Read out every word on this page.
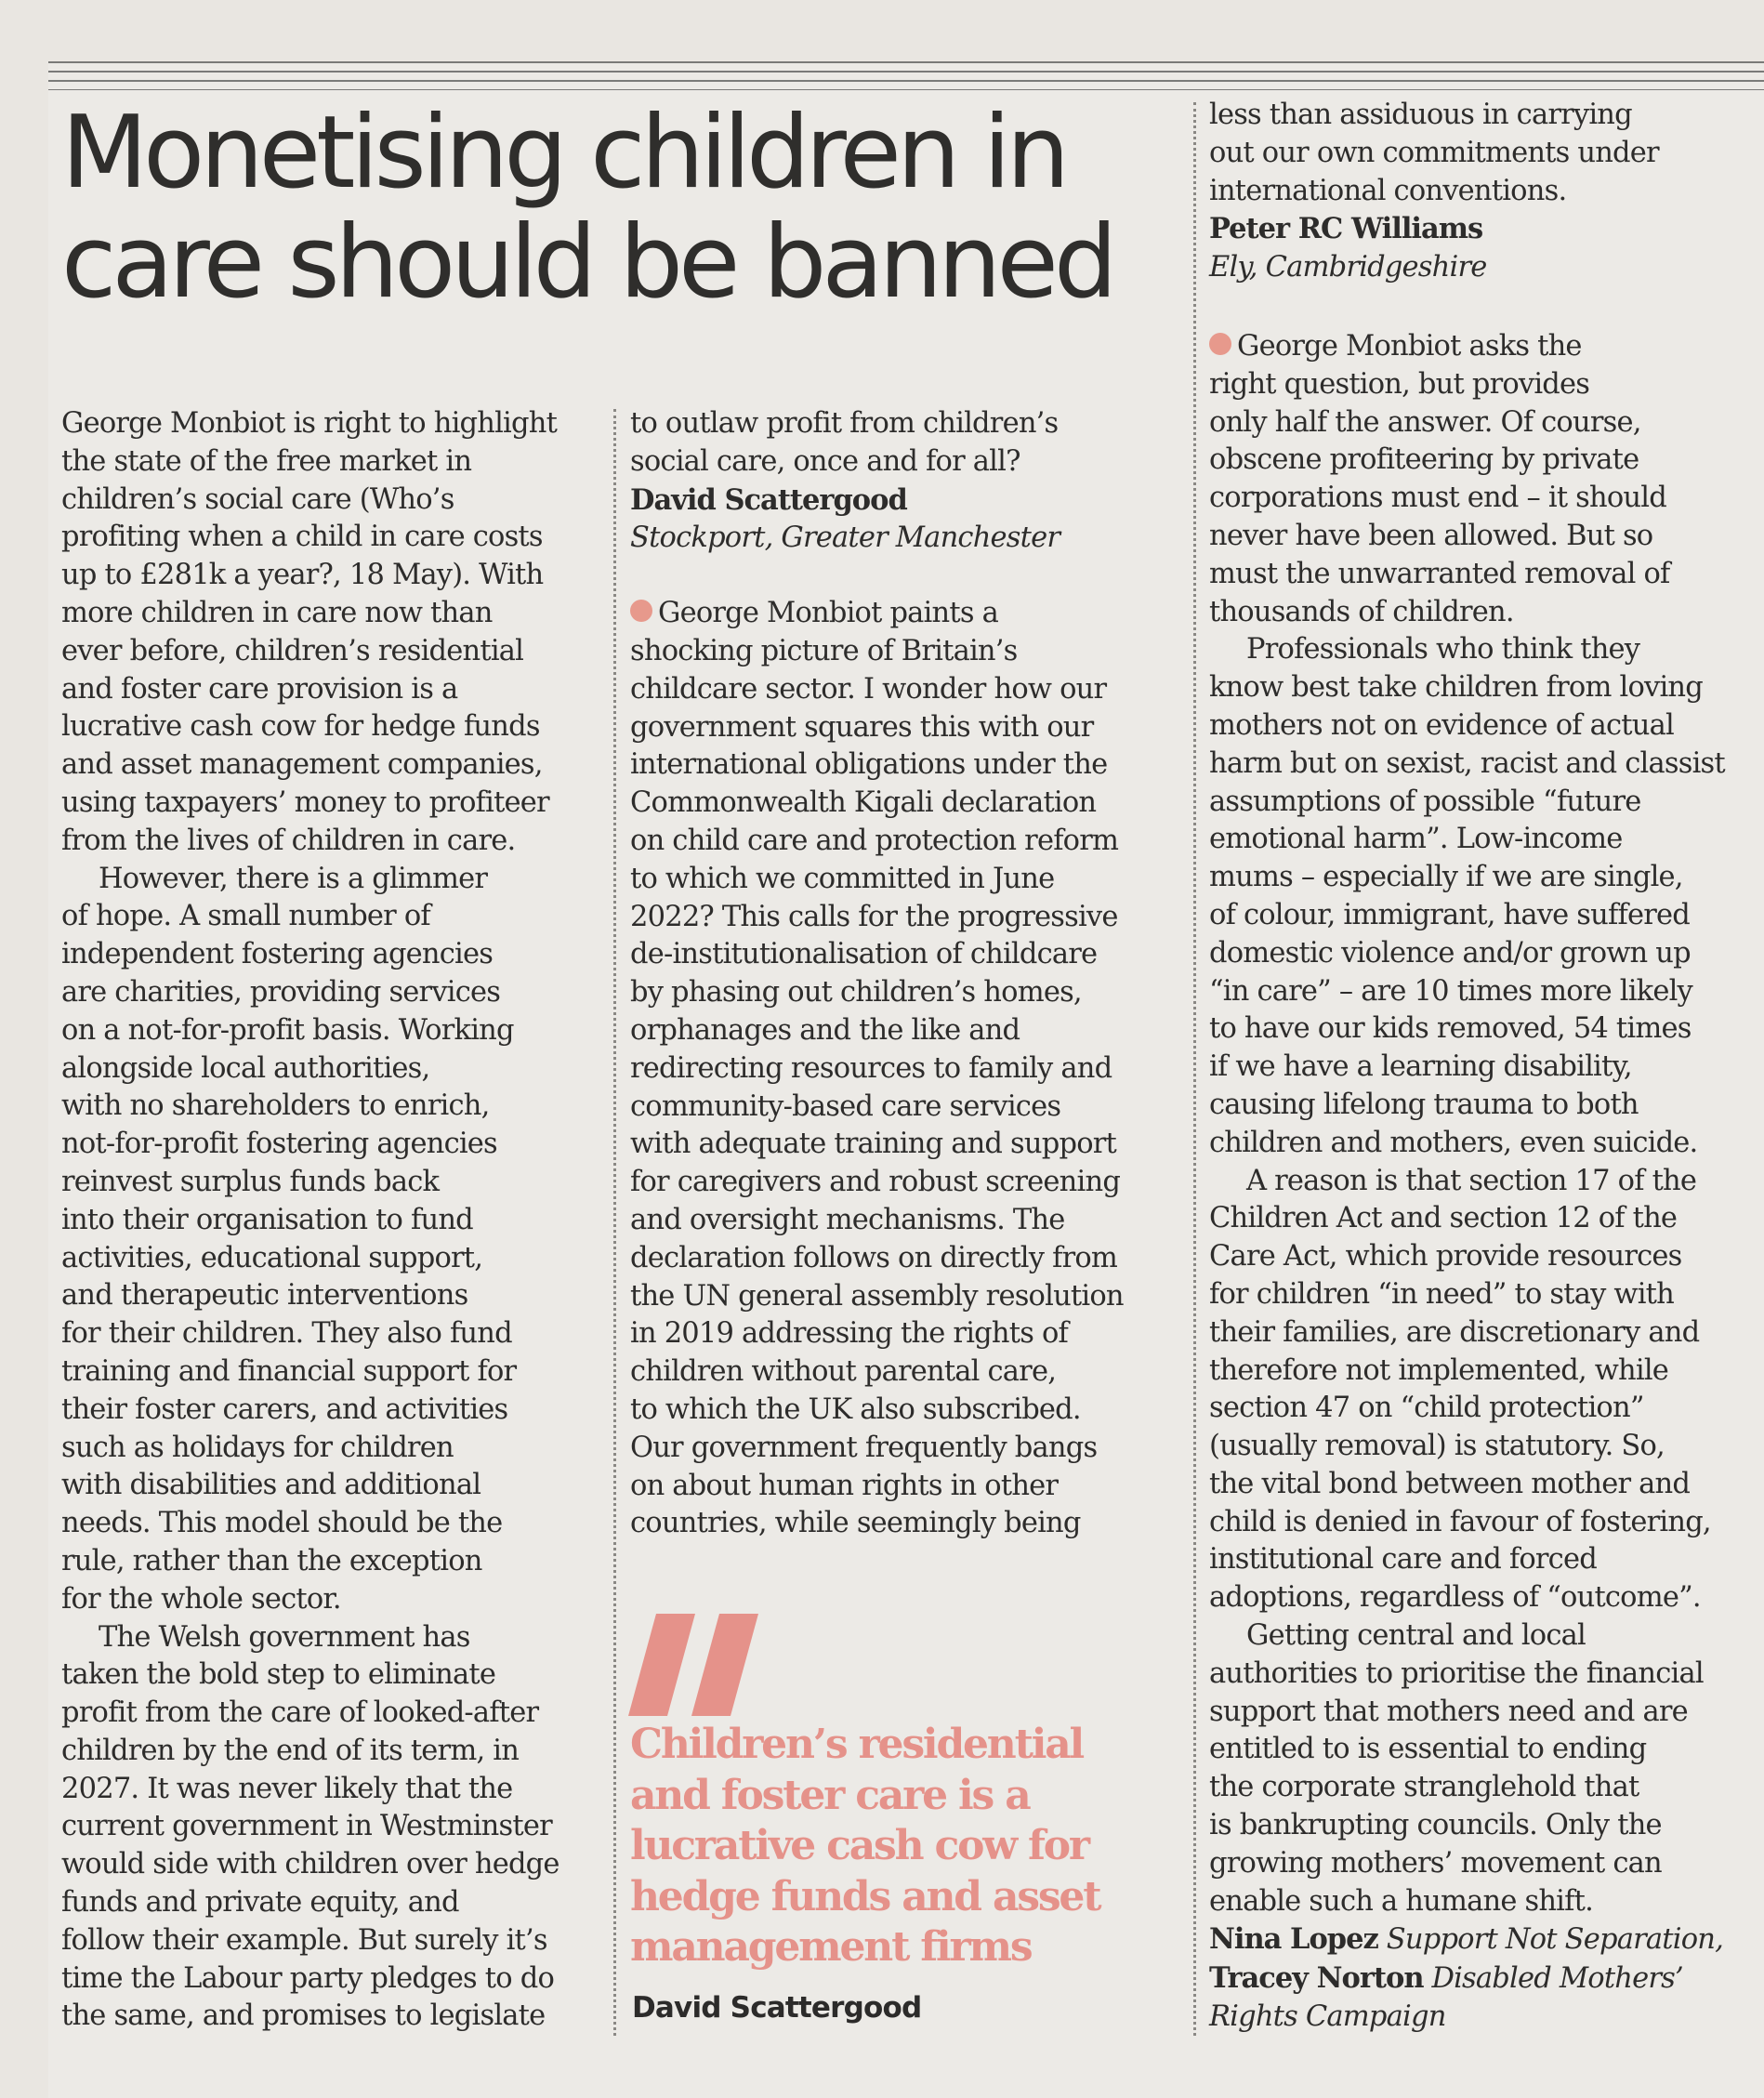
Monetising children in
care should be banned

George Monbiot is right to highlight
the state of the free market in
children’s social care (Who’s
profiting when a child in care costs
up to £281k a year?, 18 May). With
more children in care now than
ever before, children’s residential
and foster care provision is a
lucrative cash cow for hedge funds
and asset management companies,
using taxpayers’ money to profiteer
from the lives of children in care.

However, there is a glimmer
of hope. A small number of
independent fostering agencies
are charities, providing services
on a not-for-profit basis. Working
alongside local authorities,
with no shareholders to enrich,
not-for-profit fostering agencies
reinvest surplus funds back
into their organisation to fund
activities, educational support,
and therapeutic interventions
for their children. They also fund
training and financial support for
their foster carers, and activities
such as holidays for children
with disabilities and additional
needs. This model should be the
rule, rather than the exception
for the whole sector.

The Welsh government has
taken the bold step to eliminate
profit from the care of looked-after
children by the end of its term, in
2027. It was never likely that the
current government in Westminster
would side with children over hedge
funds and private equity, and
follow their example. But surely it’s
time the Labour party pledges to do
the same, and promises to legislate

to outlaw profit from children’s
social care, once and for all?
David Scattergood
Stockport, Greater Manchester

George Monbiot paints a
shocking picture of Britain’s
childcare sector. I wonder how our
government squares this with our
international obligations under the
Commonwealth Kigali declaration
on child care and protection reform
to which we committed in June
2022? This calls for the progressive
de-institutionalisation of childcare
by phasing out children’s homes,
orphanages and the like and
redirecting resources to family and
community-based care services
with adequate training and support
for caregivers and robust screening
and oversight mechanisms. The
declaration follows on directly from
the UN general assembly resolution
in 2019 addressing the rights of
children without parental care,
to which the UK also subscribed.
Our government frequently bangs
on about human rights in other
countries, while seemingly being

Children’s residential
and foster care is a
lucrative cash cow for
hedge funds and asset
management firms

David Scattergood

less than assiduous in carrying
out our own commitments under
international conventions.
Peter RC Williams
Ely, Cambridgeshire

George Monbiot asks the
right question, but provides
only half the answer. Of course,
obscene profiteering by private
corporations must end – it should
never have been allowed. But so
must the unwarranted removal of
thousands of children.

Professionals who think they
know best take children from loving
mothers not on evidence of actual
harm but on sexist, racist and classist
assumptions of possible “future
emotional harm”. Low-income
mums – especially if we are single,
of colour, immigrant, have suffered
domestic violence and/or grown up
“in care” – are 10 times more likely
to have our kids removed, 54 times
if we have a learning disability,
causing lifelong trauma to both
children and mothers, even suicide.

A reason is that section 17 of the
Children Act and section 12 of the
Care Act, which provide resources
for children “in need” to stay with
their families, are discretionary and
therefore not implemented, while
section 47 on “child protection”
(usually removal) is statutory. So,
the vital bond between mother and
child is denied in favour of fostering,
institutional care and forced
adoptions, regardless of “outcome”.

Getting central and local
authorities to prioritise the financial
support that mothers need and are
entitled to is essential to ending
the corporate stranglehold that
is bankrupting councils. Only the
growing mothers’ movement can
enable such a humane shift.

Nina Lopez Support Not Separation,
Tracey Norton Disabled Mothers’
Rights Campaign
